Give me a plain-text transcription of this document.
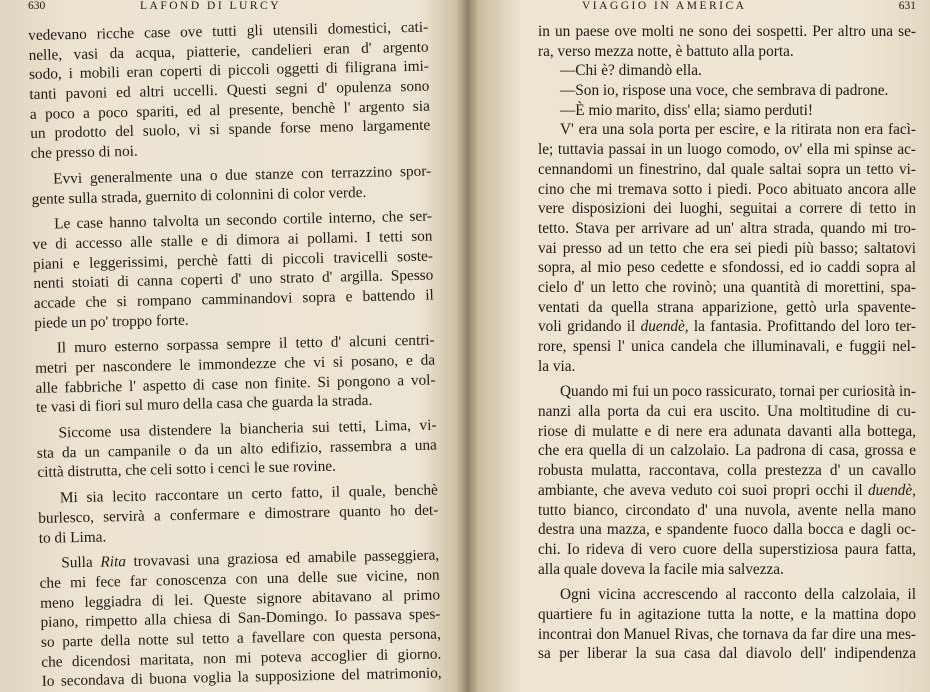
630	LAFOND DI LURCY
vedevano ricche case ove tutti gli utensili domestici, cati-
nelle, vasi da acqua, piatterie, candelieri eran d' argento
sodo, i mobili eran coperti di piccoli oggetti di filigrana imi-
tanti pavoni ed altri uccelli. Questi segni d' opulenza sono
a poco a poco spariti, ed al presente, benchè l' argento sia
un prodotto del suolo, vi si spande forse meno largamente
che presso di noi.
Evvi generalmente una o due stanze con terrazzino spor-
gente sulla strada, guernito di colonnini di color verde.
Le case hanno talvolta un secondo cortile interno, che ser-
ve di accesso alle stalle e di dimora ai pollami. I tetti son
piani e leggerissimi, perchè fatti di piccoli travicelli soste-
nenti stoiati di canna coperti d' uno strato d' argilla. Spesso
accade che si rompano camminandovi sopra e battendo il
piede un po' troppo forte.
Il muro esterno sorpassa sempre il tetto d' alcuni centri-
metri per nascondere le immondezze che vi si posano, e da
alle fabbriche l' aspetto di case non finite. Si pongono a vol-
te vasi di fiori sul muro della casa che guarda la strada.
Siccome usa distendere la biancheria sui tetti, Lima, vi-
sta da un campanile o da un alto edifizio, rassembra a una
città distrutta, che celi sotto i cenci le sue rovine.
Mi sia lecito raccontare un certo fatto, il quale, benchè
burlesco, servirà a confermare e dimostrare quanto ho det-
to di Lima.
Sulla Rita trovavasi una graziosa ed amabile passeggiera,
che mi fece far conoscenza con una delle sue vicine, non
meno leggiadra di lei. Queste signore abitavano al primo
piano, rimpetto alla chiesa di San-Domingo. Io passava spes-
so parte della notte sul tetto a favellare con questa persona,
che dicendosi maritata, non mi poteva accoglier di giorno.
Io secondava di buona voglia la supposizione del matrimonio,
VIAGGIO IN AMERICA	631
in un paese ove molti ne sono dei sospetti. Per altro una se-
ra, verso mezza notte, è battuto alla porta.
—Chi è? dimandò ella.
—Son io, rispose una voce, che sembrava di padrone.
—È mio marito, diss' ella; siamo perduti!
V' era una sola porta per escire, e la ritirata non era facì-
le; tuttavia passai in un luogo comodo, ov' ella mi spinse ac-
cennandomi un finestrino, dal quale saltai sopra un tetto vi-
cino che mi tremava sotto i piedi. Poco abituato ancora alle
vere disposizioni dei luoghi, seguitai a correre di tetto in
tetto. Stava per arrivare ad un' altra strada, quando mi tro-
vai presso ad un tetto che era sei piedi più basso; saltatovi
sopra, al mio peso cedette e sfondossi, ed io caddi sopra al
cielo d' un letto che rovinò; una quantità di morettini, spa-
ventati da quella strana apparizione, gettò urla spavente-
voli gridando il duendè, la fantasia. Profittando del loro ter-
rore, spensi l' unica candela che illuminavali, e fuggii nel-
la via.
Quando mi fui un poco rassicurato, tornai per curiosità in-
nanzi alla porta da cui era uscito. Una moltitudine di cu-
riose di mulatte e di nere era adunata davanti alla bottega,
che era quella di un calzolaio. La padrona di casa, grossa e
robusta mulatta, raccontava, colla prestezza d' un cavallo
ambiante, che aveva veduto coi suoi propri occhi il duendè,
tutto bianco, circondato d' una nuvola, avente nella mano
destra una mazza, e spandente fuoco dalla bocca e dagli oc-
chi. Io rideva di vero cuore della superstiziosa paura fatta,
alla quale doveva la facile mia salvezza.
Ogni vicina accrescendo al racconto della calzolaia, il
quartiere fu in agitazione tutta la notte, e la mattina dopo
incontrai don Manuel Rivas, che tornava da far dire una mes-
sa per liberar la sua casa dal diavolo dell' indipendenza
